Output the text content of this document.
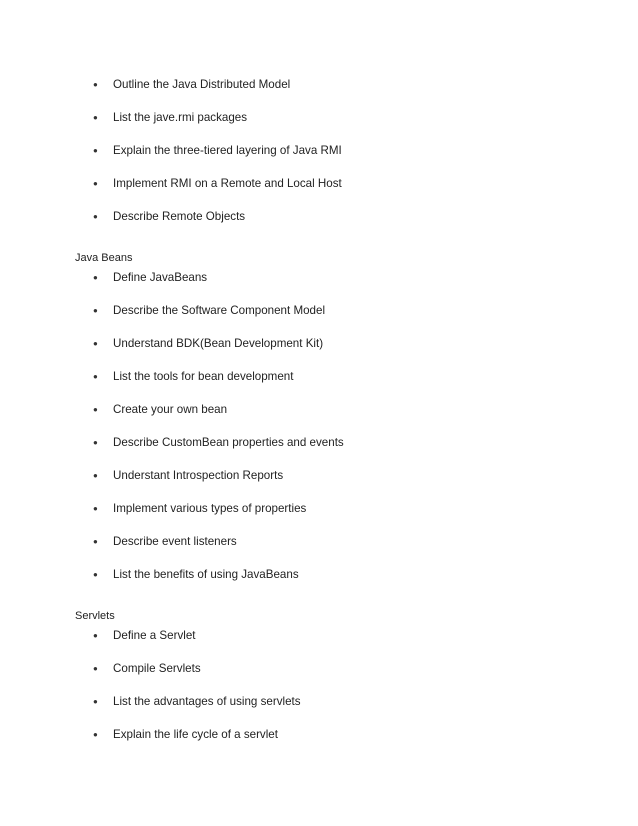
●	Outline the Java Distributed Model
●	List the jave.rmi packages
●	Explain the three-tiered layering of Java RMI
●	Implement RMI on a Remote and Local Host
●	Describe Remote Objects
Java Beans
●	Define JavaBeans
●	Describe the Software Component Model
●	Understand BDK(Bean Development Kit)
●	List the tools for bean development
●	Create your own bean
●	Describe CustomBean properties and events
●	Understant Introspection Reports
●	Implement various types of properties
●	Describe event listeners
●	List the benefits of using JavaBeans
Servlets
●	Define a Servlet
●	Compile Servlets
●	List the advantages of using servlets
●	Explain the life cycle of a servlet
